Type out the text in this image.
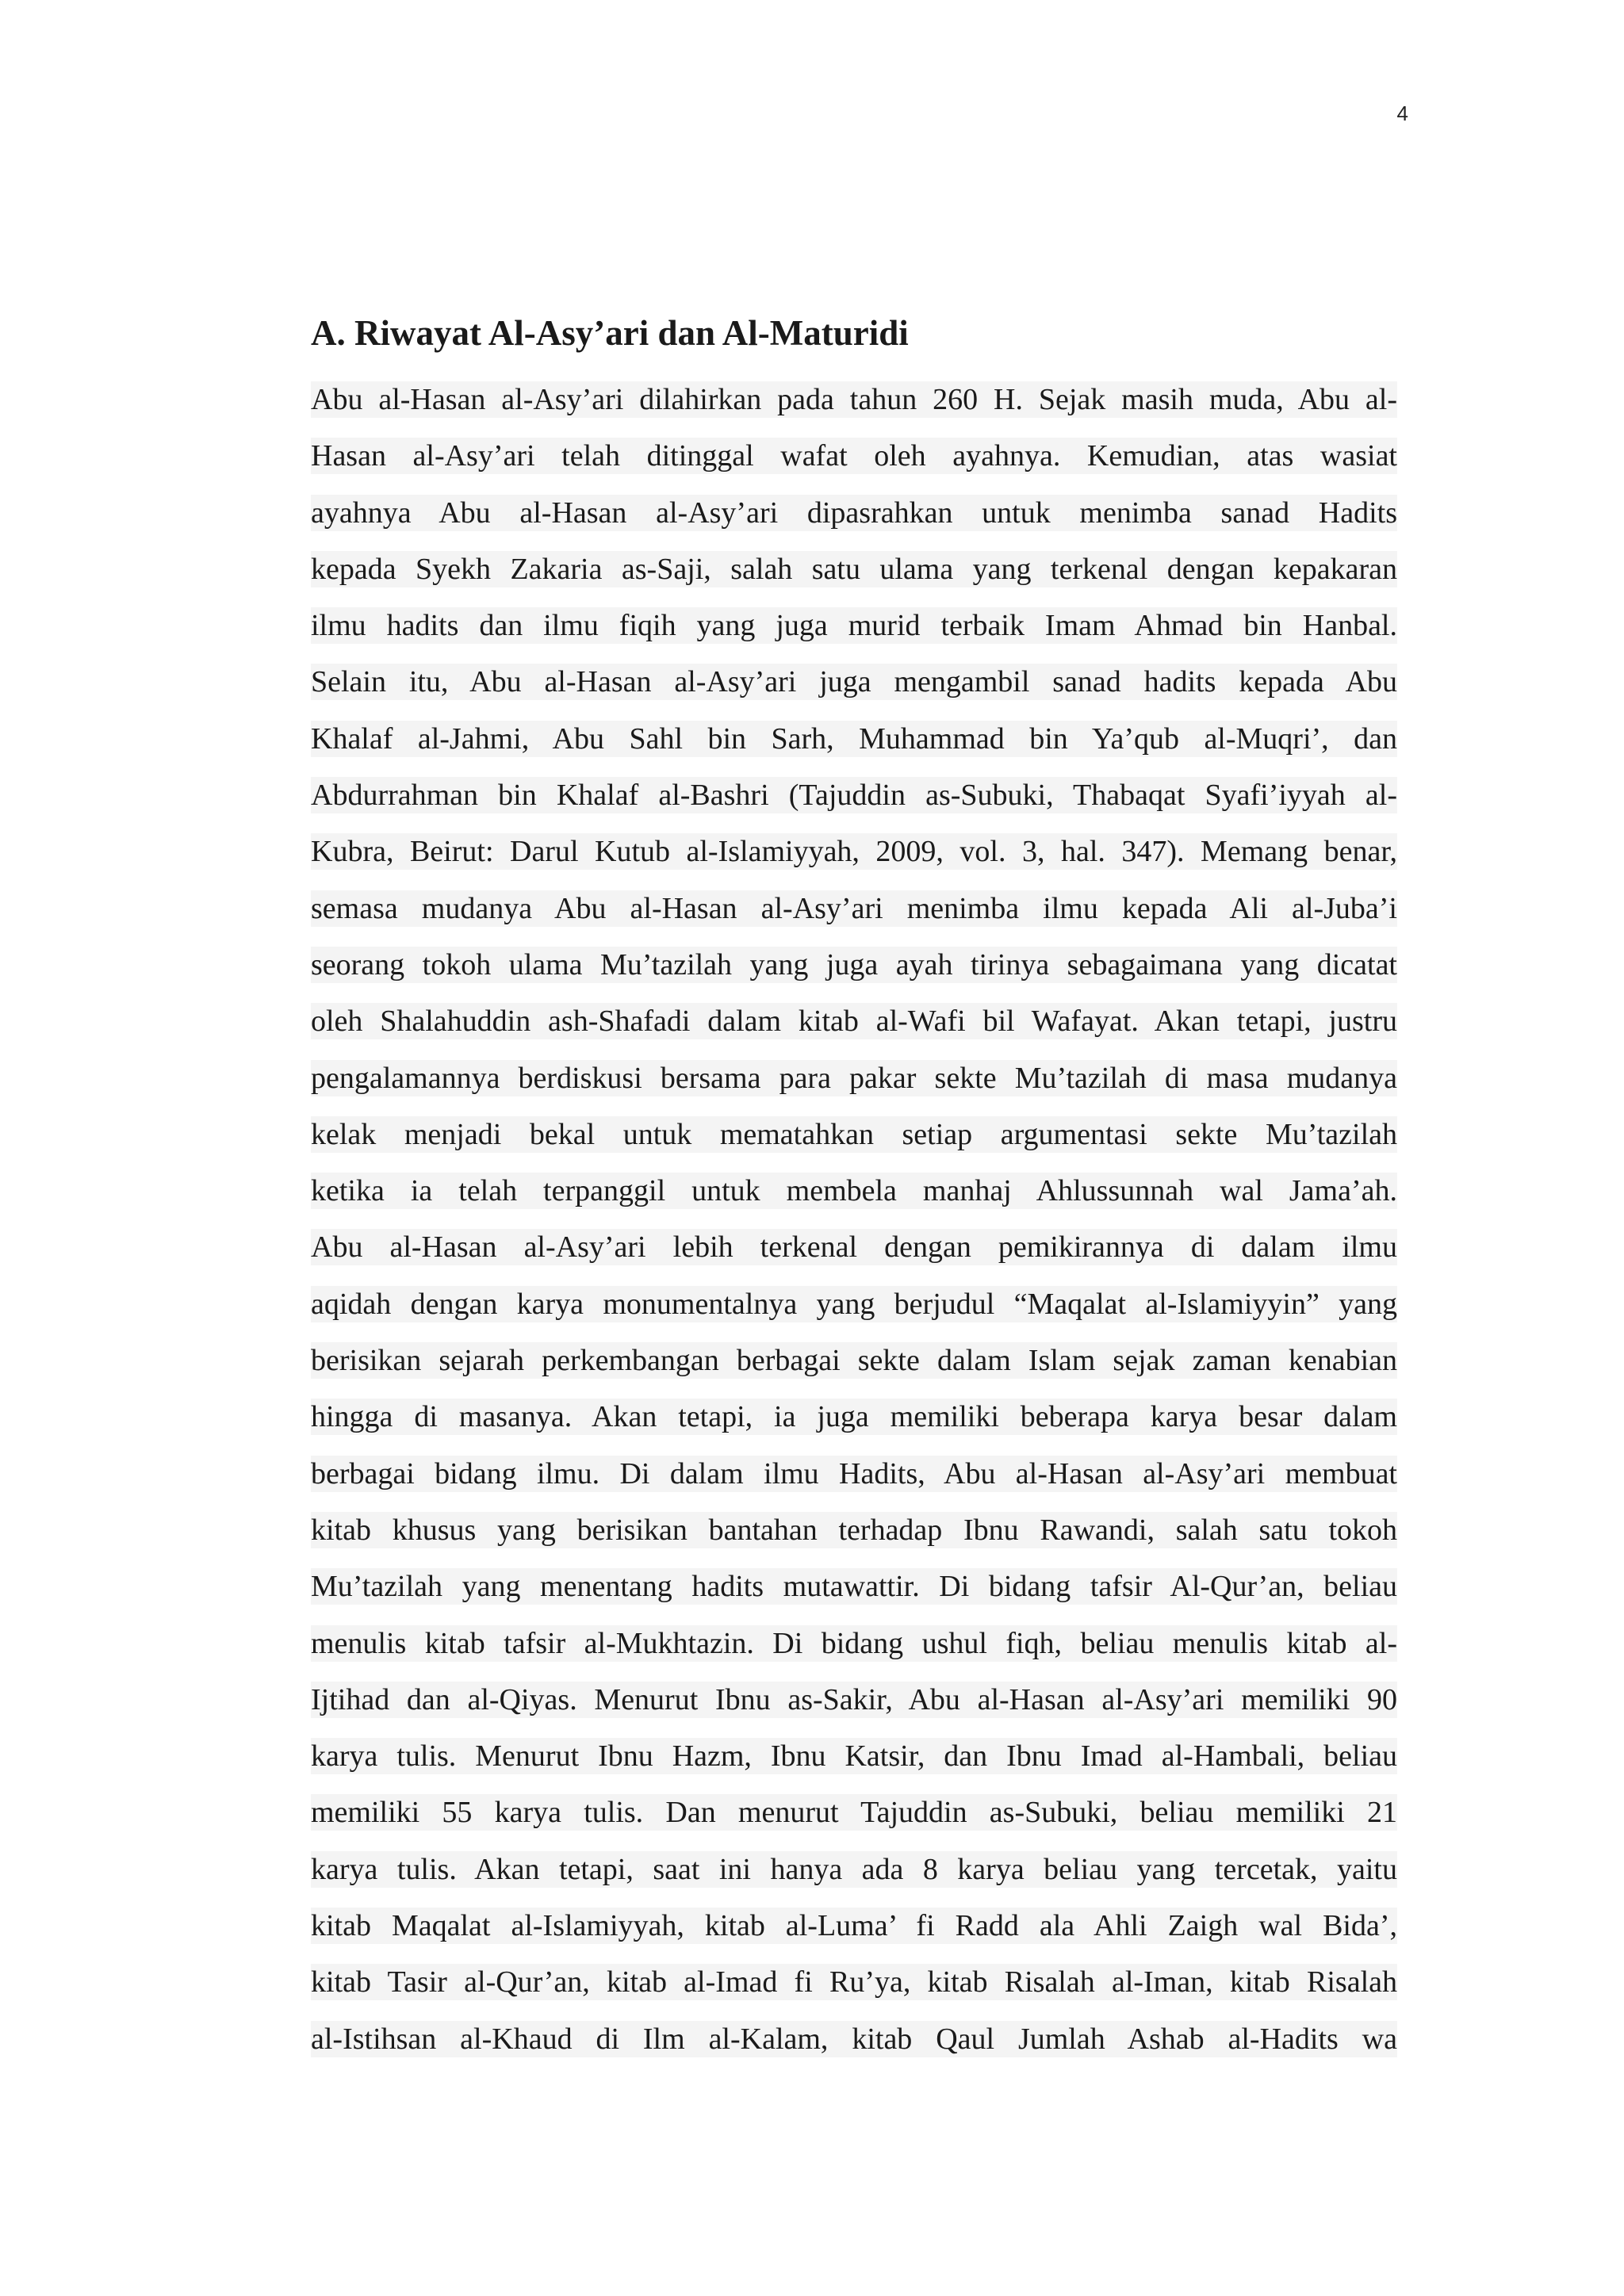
4
A. Riwayat Al-Asy’ari dan Al-Maturidi
Abu al-Hasan al-Asy’ari dilahirkan pada tahun 260 H. Sejak masih muda, Abu al-
Hasan al-Asy’ari telah ditinggal wafat oleh ayahnya. Kemudian, atas wasiat
ayahnya Abu al-Hasan al-Asy’ari dipasrahkan untuk menimba sanad Hadits
kepada Syekh Zakaria as-Saji, salah satu ulama yang terkenal dengan kepakaran
ilmu hadits dan ilmu fiqih yang juga murid terbaik Imam Ahmad bin Hanbal.
Selain itu, Abu al-Hasan al-Asy’ari juga mengambil sanad hadits kepada Abu
Khalaf al-Jahmi, Abu Sahl bin Sarh, Muhammad bin Ya’qub al-Muqri’, dan
Abdurrahman bin Khalaf al-Bashri (Tajuddin as-Subuki, Thabaqat Syafi’iyyah al-
Kubra, Beirut: Darul Kutub al-Islamiyyah, 2009, vol. 3, hal. 347). Memang benar,
semasa mudanya Abu al-Hasan al-Asy’ari menimba ilmu kepada Ali al-Juba’i
seorang tokoh ulama Mu’tazilah yang juga ayah tirinya sebagaimana yang dicatat
oleh Shalahuddin ash-Shafadi dalam kitab al-Wafi bil Wafayat. Akan tetapi, justru
pengalamannya berdiskusi bersama para pakar sekte Mu’tazilah di masa mudanya
kelak menjadi bekal untuk mematahkan setiap argumentasi sekte Mu’tazilah
ketika ia telah terpanggil untuk membela manhaj Ahlussunnah wal Jama’ah.
Abu al-Hasan al-Asy’ari lebih terkenal dengan pemikirannya di dalam ilmu
aqidah dengan karya monumentalnya yang berjudul “Maqalat al-Islamiyyin” yang
berisikan sejarah perkembangan berbagai sekte dalam Islam sejak zaman kenabian
hingga di masanya. Akan tetapi, ia juga memiliki beberapa karya besar dalam
berbagai bidang ilmu. Di dalam ilmu Hadits, Abu al-Hasan al-Asy’ari membuat
kitab khusus yang berisikan bantahan terhadap Ibnu Rawandi, salah satu tokoh
Mu’tazilah yang menentang hadits mutawattir. Di bidang tafsir Al-Qur’an, beliau
menulis kitab tafsir al-Mukhtazin. Di bidang ushul fiqh, beliau menulis kitab al-
Ijtihad dan al-Qiyas. Menurut Ibnu as-Sakir, Abu al-Hasan al-Asy’ari memiliki 90
karya tulis. Menurut Ibnu Hazm, Ibnu Katsir, dan Ibnu Imad al-Hambali, beliau
memiliki 55 karya tulis. Dan menurut Tajuddin as-Subuki, beliau memiliki 21
karya tulis. Akan tetapi, saat ini hanya ada 8 karya beliau yang tercetak, yaitu
kitab Maqalat al-Islamiyyah, kitab al-Luma’ fi Radd ala Ahli Zaigh wal Bida’,
kitab Tasir al-Qur’an, kitab al-Imad fi Ru’ya, kitab Risalah al-Iman, kitab Risalah
al-Istihsan al-Khaud di Ilm al-Kalam, kitab Qaul Jumlah Ashab al-Hadits wa
